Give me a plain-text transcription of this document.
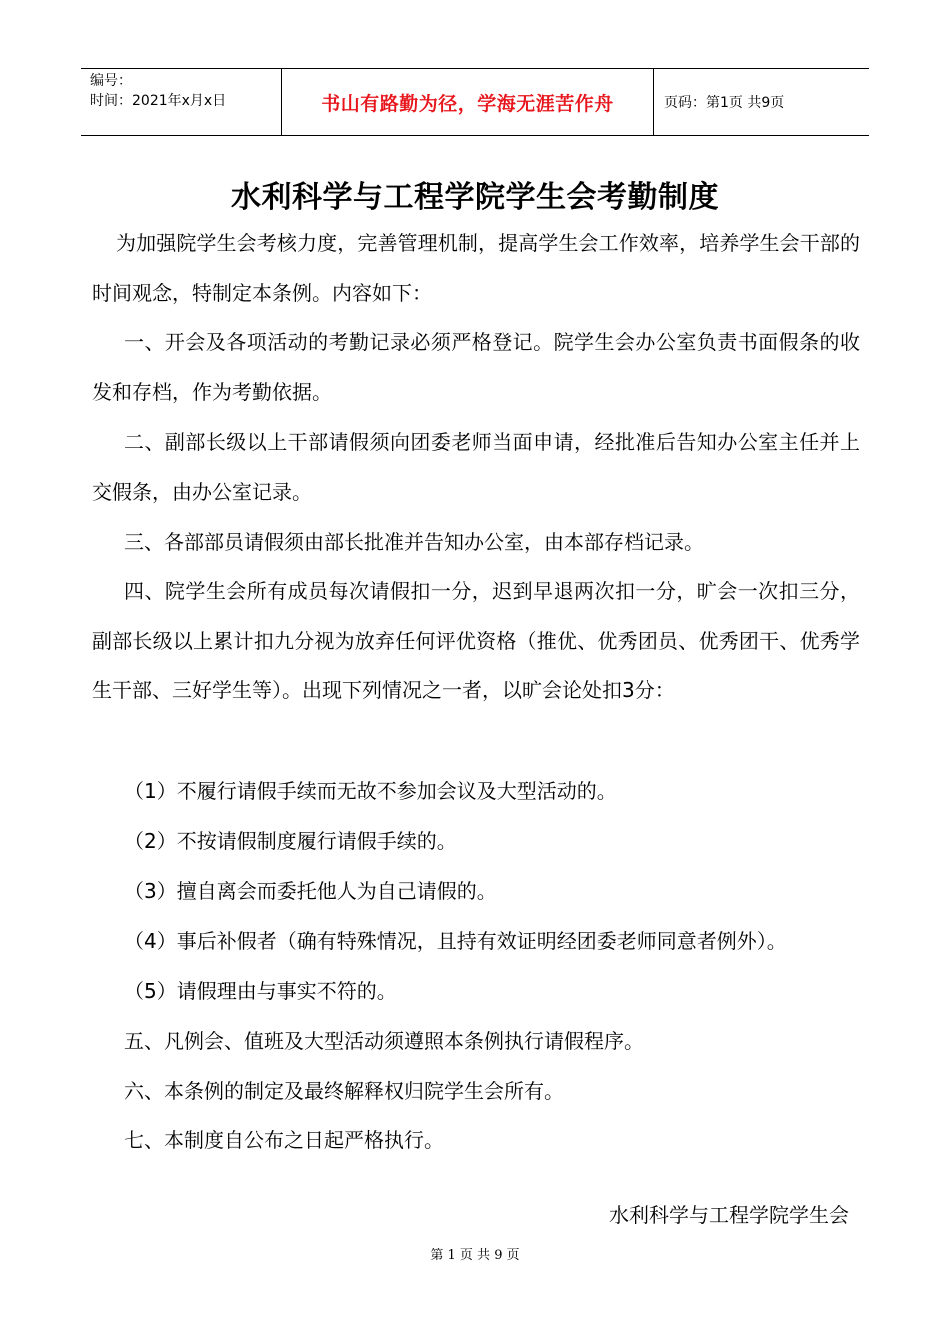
编号：
时间：2021年x月x日	书山有路勤为径，学海无涯苦作舟	页码：第1页 共9页
水利科学与工程学院学生会考勤制度

为加强院学生会考核力度，完善管理机制，提高学生会工作效率，培养学生会干部的时间观念，特制定本条例。内容如下：

一、开会及各项活动的考勤记录必须严格登记。院学生会办公室负责书面假条的收发和存档，作为考勤依据。

二、副部长级以上干部请假须向团委老师当面申请，经批准后告知办公室主任并上交假条，由办公室记录。

三、各部部员请假须由部长批准并告知办公室，由本部存档记录。

四、院学生会所有成员每次请假扣一分，迟到早退两次扣一分，旷会一次扣三分，副部长级以上累计扣九分视为放弃任何评优资格（推优、优秀团员、优秀团干、优秀学生干部、三好学生等）。出现下列情况之一者，以旷会论处扣3分：

（1）不履行请假手续而无故不参加会议及大型活动的。
（2）不按请假制度履行请假手续的。
（3）擅自离会而委托他人为自己请假的。
（4）事后补假者（确有特殊情况，且持有效证明经团委老师同意者例外）。
（5）请假理由与事实不符的。
五、凡例会、值班及大型活动须遵照本条例执行请假程序。
六、本条例的制定及最终解释权归院学生会所有。
七、本制度自公布之日起严格执行。
水利科学与工程学院学生会
第 1 页 共 9 页
